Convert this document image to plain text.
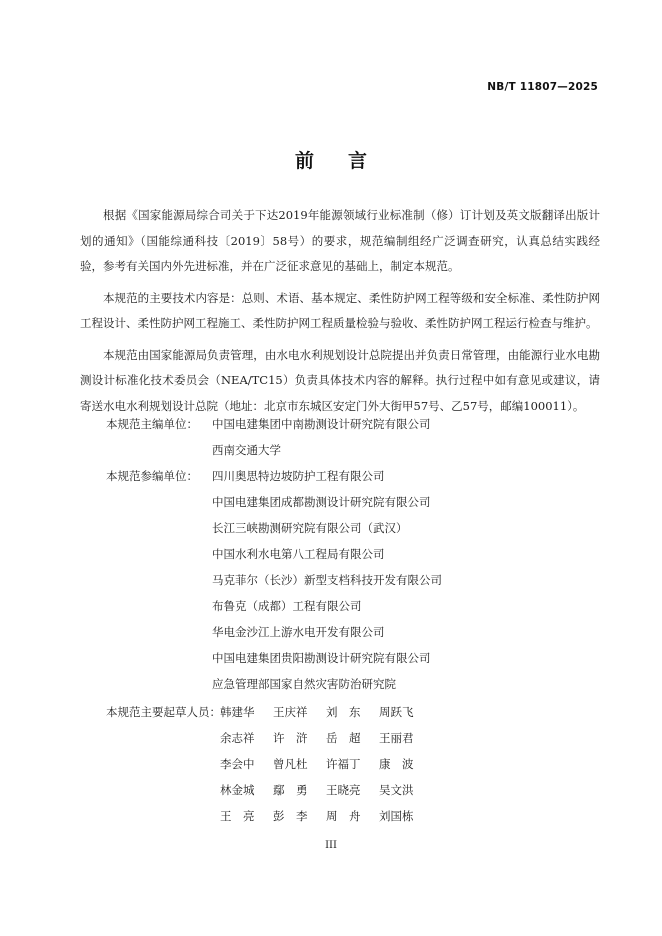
NB/T 11807—2025
前言

根据《国家能源局综合司关于下达2019年能源领域行业标准制（修）订计划及英文版翻译出版计划的通知》（国能综通科技〔2019〕58号）的要求，规范编制组经广泛调查研究，认真总结实践经验，参考有关国内外先进标准，并在广泛征求意见的基础上，制定本规范。

本规范的主要技术内容是：总则、术语、基本规定、柔性防护网工程等级和安全标准、柔性防护网工程设计、柔性防护网工程施工、柔性防护网工程质量检验与验收、柔性防护网工程运行检查与维护。

本规范由国家能源局负责管理，由水电水利规划设计总院提出并负责日常管理，由能源行业水电勘测设计标准化技术委员会（NEA/TC15）负责具体技术内容的解释。执行过程中如有意见或建议，请寄送水电水利规划设计总院（地址：北京市东城区安定门外大街甲57号、乙57号，邮编100011）。

本规范主编单位：	中国电建集团中南勘测设计研究院有限公司
西南交通大学
本规范参编单位：	四川奥思特边坡防护工程有限公司
中国电建集团成都勘测设计研究院有限公司
长江三峡勘测研究院有限公司（武汉）
中国水利水电第八工程局有限公司
马克菲尔（长沙）新型支档科技开发有限公司
布鲁克（成都）工程有限公司
华电金沙江上游水电开发有限公司
中国电建集团贵阳勘测设计研究院有限公司
应急管理部国家自然灾害防治研究院
本规范主要起草人员： 韩建华	王庆祥	刘　东	周跃飞
余志祥	许　浒	岳　超	王丽君
李会中	曾凡杜	许福丁	康　波
林金城	鄢　勇	王晓亮	吴文洪
王　亮	彭　李	周　舟	刘国栋
III
